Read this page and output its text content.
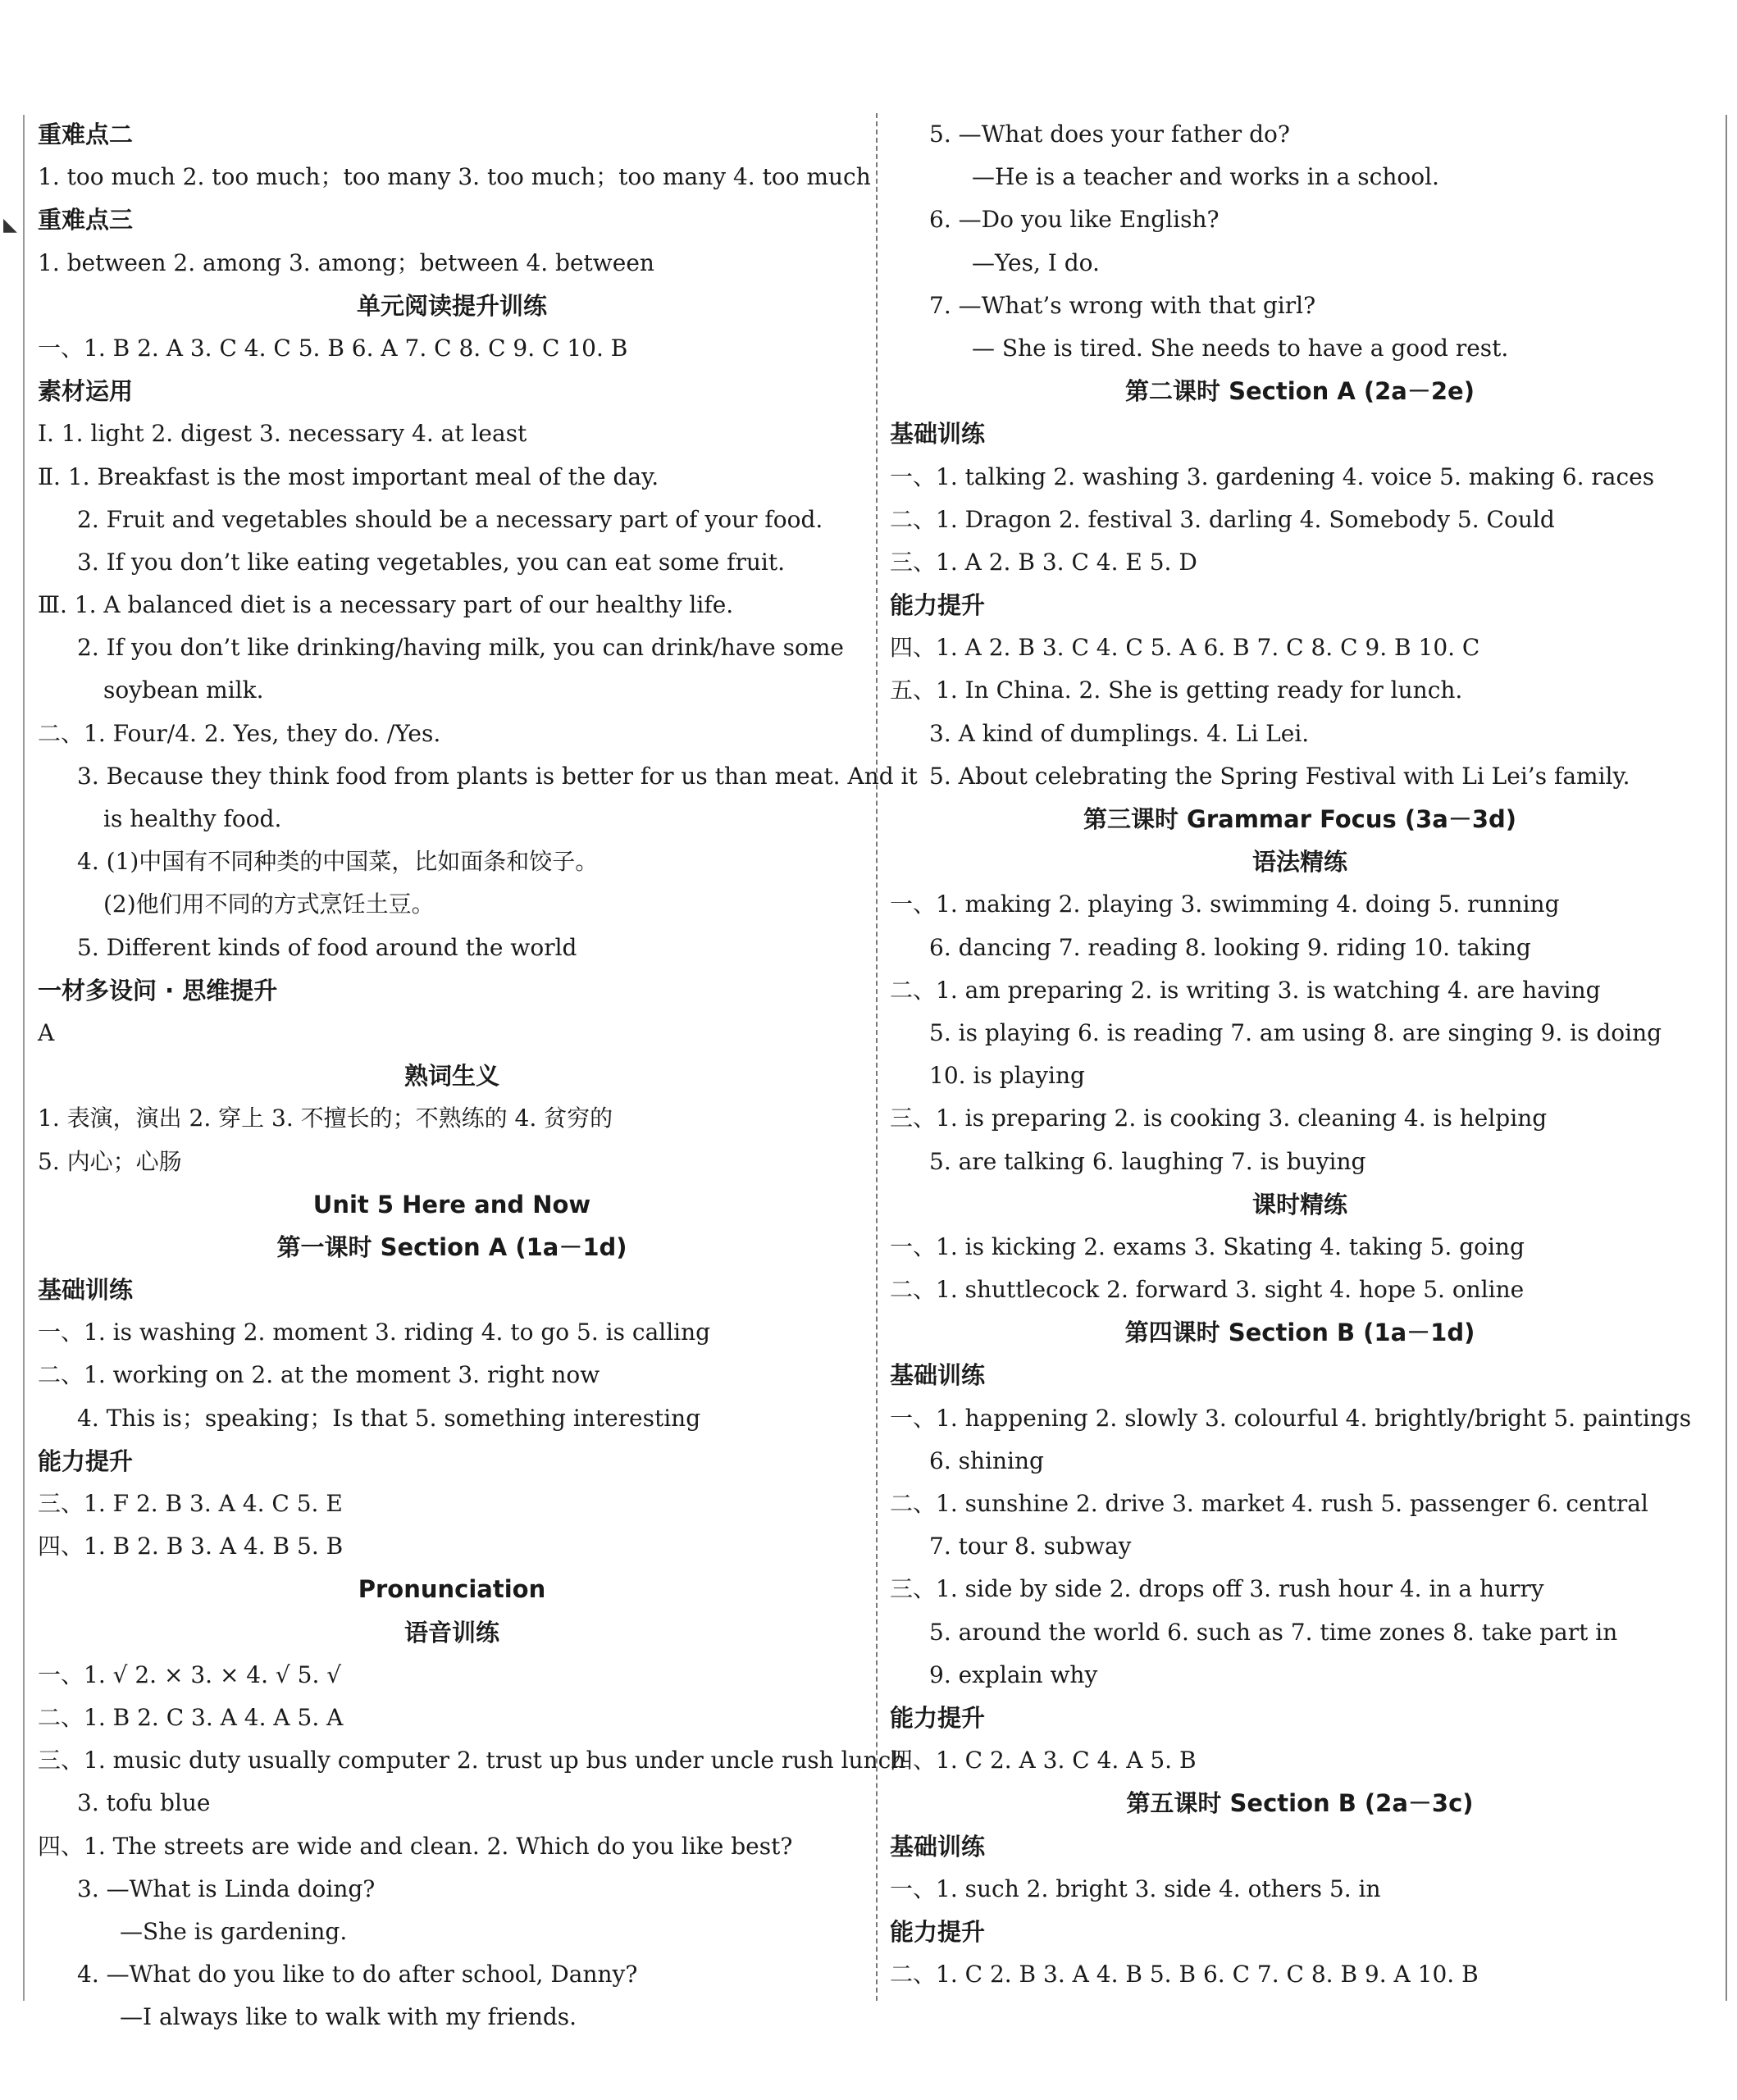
◣
重难点二
1. too much 2. too much；too many 3. too much；too many 4. too much
重难点三
1. between 2. among 3. among；between 4. between
单元阅读提升训练
一、1. B 2. A 3. C 4. C 5. B 6. A 7. C 8. C 9. C 10. B
素材运用
Ⅰ. 1. light 2. digest 3. necessary 4. at least
Ⅱ. 1. Breakfast is the most important meal of the day.
2. Fruit and vegetables should be a necessary part of your food.
3. If you don’t like eating vegetables, you can eat some fruit.
Ⅲ. 1. A balanced diet is a necessary part of our healthy life.
2. If you don’t like drinking/having milk, you can drink/have some
soybean milk.
二、1. Four/4. 2. Yes, they do. /Yes.
3. Because they think food from plants is better for us than meat. And it
is healthy food.
4. (1)中国有不同种类的中国菜，比如面条和饺子。
(2)他们用不同的方式烹饪土豆。
5. Different kinds of food around the world
一材多设问 · 思维提升
A
熟词生义
1. 表演，演出 2. 穿上 3. 不擅长的；不熟练的 4. 贫穷的
5. 内心；心肠
Unit 5 Here and Now
第一课时 Section A (1a－1d)
基础训练
一、1. is washing 2. moment 3. riding 4. to go 5. is calling
二、1. working on 2. at the moment 3. right now
4. This is；speaking；Is that 5. something interesting
能力提升
三、1. F 2. B 3. A 4. C 5. E
四、1. B 2. B 3. A 4. B 5. B
Pronunciation
语音训练
一、1. √ 2. × 3. × 4. √ 5. √
二、1. B 2. C 3. A 4. A 5. A
三、1. music duty usually computer 2. trust up bus under uncle rush lunch
3. tofu blue
四、1. The streets are wide and clean. 2. Which do you like best?
3. —What is Linda doing?
—She is gardening.
4. —What do you like to do after school, Danny?
—I always like to walk with my friends.
5. —What does your father do?
—He is a teacher and works in a school.
6. —Do you like English?
—Yes, I do.
7. —What’s wrong with that girl?
— She is tired. She needs to have a good rest.
第二课时 Section A (2a－2e)
基础训练
一、1. talking 2. washing 3. gardening 4. voice 5. making 6. races
二、1. Dragon 2. festival 3. darling 4. Somebody 5. Could
三、1. A 2. B 3. C 4. E 5. D
能力提升
四、1. A 2. B 3. C 4. C 5. A 6. B 7. C 8. C 9. B 10. C
五、1. In China. 2. She is getting ready for lunch.
3. A kind of dumplings. 4. Li Lei.
5. About celebrating the Spring Festival with Li Lei’s family.
第三课时 Grammar Focus (3a－3d)
语法精练
一、1. making 2. playing 3. swimming 4. doing 5. running
6. dancing 7. reading 8. looking 9. riding 10. taking
二、1. am preparing 2. is writing 3. is watching 4. are having
5. is playing 6. is reading 7. am using 8. are singing 9. is doing
10. is playing
三、1. is preparing 2. is cooking 3. cleaning 4. is helping
5. are talking 6. laughing 7. is buying
课时精练
一、1. is kicking 2. exams 3. Skating 4. taking 5. going
二、1. shuttlecock 2. forward 3. sight 4. hope 5. online
第四课时 Section B (1a－1d)
基础训练
一、1. happening 2. slowly 3. colourful 4. brightly/bright 5. paintings
6. shining
二、1. sunshine 2. drive 3. market 4. rush 5. passenger 6. central
7. tour 8. subway
三、1. side by side 2. drops off 3. rush hour 4. in a hurry
5. around the world 6. such as 7. time zones 8. take part in
9. explain why
能力提升
四、1. C 2. A 3. C 4. A 5. B
第五课时 Section B (2a－3c)
基础训练
一、1. such 2. bright 3. side 4. others 5. in
能力提升
二、1. C 2. B 3. A 4. B 5. B 6. C 7. C 8. B 9. A 10. B
